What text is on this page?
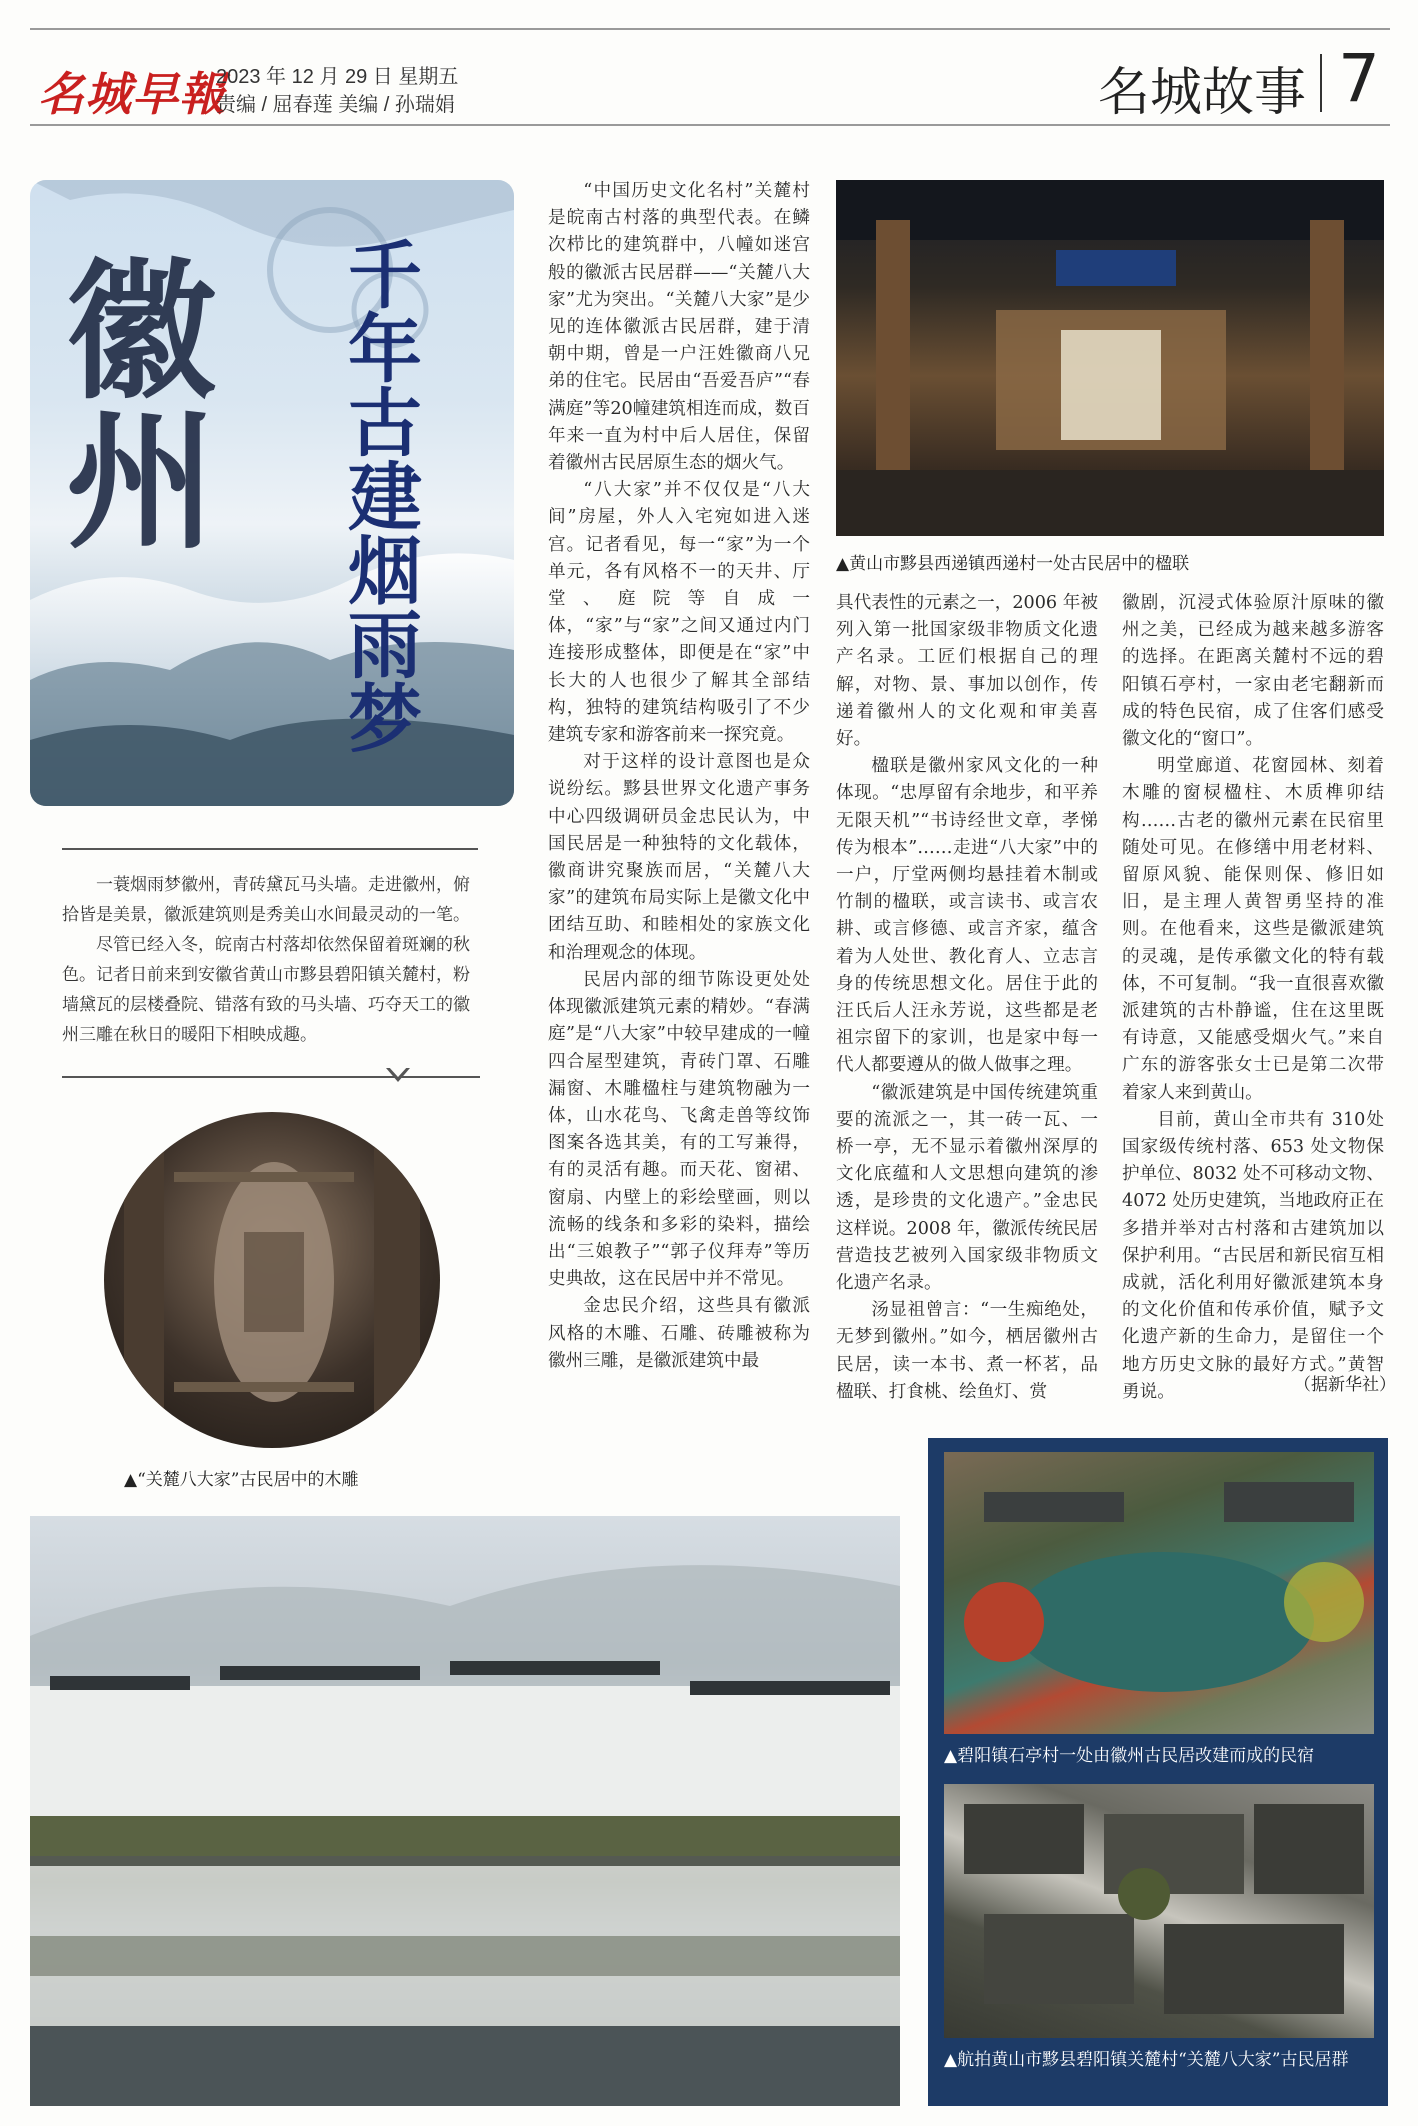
名城早報
2023 年 12 月 29 日 星期五
责编 / 屈春莲 美编 / 孙瑞娟	名城故事 7
徽州 千年古建烟雨梦

一蓑烟雨梦徽州，青砖黛瓦马头墙。走进徽州，俯拾皆是美景，徽派建筑则是秀美山水间最灵动的一笔。

尽管已经入冬，皖南古村落却依然保留着斑斓的秋色。记者日前来到安徽省黄山市黟县碧阳镇关麓村，粉墙黛瓦的层楼叠院、错落有致的马头墙、巧夺天工的徽州三雕在秋日的暖阳下相映成趣。

▲“关麓八大家”古民居中的木雕
▲黄山市黟县西递镇西递村一处古民居中的楹联

“中国历史文化名村”关麓村是皖南古村落的典型代表。在鳞次栉比的建筑群中，八幢如迷宫般的徽派古民居群——“关麓八大家”尤为突出。“关麓八大家”是少见的连体徽派古民居群，建于清朝中期，曾是一户汪姓徽商八兄弟的住宅。民居由“吾爱吾庐”“春满庭”等20幢建筑相连而成，数百年来一直为村中后人居住，保留着徽州古民居原生态的烟火气。

“八大家”并不仅仅是“八大间”房屋，外人入宅宛如进入迷宫。记者看见，每一“家”为一个单元，各有风格不一的天井、厅堂、庭院等自成一体，“家”与“家”之间又通过内门连接形成整体，即便是在“家”中长大的人也很少了解其全部结构，独特的建筑结构吸引了不少建筑专家和游客前来一探究竟。

对于这样的设计意图也是众说纷纭。黟县世界文化遗产事务中心四级调研员金忠民认为，中国民居是一种独特的文化载体，徽商讲究聚族而居，“关麓八大家”的建筑布局实际上是徽文化中团结互助、和睦相处的家族文化和治理观念的体现。

民居内部的细节陈设更处处体现徽派建筑元素的精妙。“春满庭”是“八大家”中较早建成的一幢四合屋型建筑，青砖门罩、石雕漏窗、木雕楹柱与建筑物融为一体，山水花鸟、飞禽走兽等纹饰图案各选其美，有的工写兼得，有的灵活有趣。而天花、窗裙、窗扇、内壁上的彩绘壁画，则以流畅的线条和多彩的染料，描绘出“三娘教子”“郭子仪拜寿”等历史典故，这在民居中并不常见。

金忠民介绍，这些具有徽派风格的木雕、石雕、砖雕被称为徽州三雕，是徽派建筑中最

具代表性的元素之一，2006 年被列入第一批国家级非物质文化遗产名录。工匠们根据自己的理解，对物、景、事加以创作，传递着徽州人的文化观和审美喜好。

楹联是徽州家风文化的一种体现。“忠厚留有余地步，和平养无限天机”“书诗经世文章，孝悌传为根本”……走进“八大家”中的一户，厅堂两侧均悬挂着木制或竹制的楹联，或言读书、或言农耕、或言修德、或言齐家，蕴含着为人处世、教化育人、立志言身的传统思想文化。居住于此的汪氏后人汪永芳说，这些都是老祖宗留下的家训，也是家中每一代人都要遵从的做人做事之理。

“徽派建筑是中国传统建筑重要的流派之一，其一砖一瓦、一桥一亭，无不显示着徽州深厚的文化底蕴和人文思想向建筑的渗透，是珍贵的文化遗产。”金忠民这样说。2008 年，徽派传统民居营造技艺被列入国家级非物质文化遗产名录。

汤显祖曾言：“一生痴绝处，无梦到徽州。”如今，栖居徽州古民居，读一本书、煮一杯茗，品楹联、打食桃、绘鱼灯、赏

徽剧，沉浸式体验原汁原味的徽州之美，已经成为越来越多游客的选择。在距离关麓村不远的碧阳镇石亭村，一家由老宅翻新而成的特色民宿，成了住客们感受徽文化的“窗口”。

明堂廊道、花窗园林、刻着木雕的窗棂楹柱、木质榫卯结构……古老的徽州元素在民宿里随处可见。在修缮中用老材料、留原风貌、能保则保、修旧如旧，是主理人黄智勇坚持的准则。在他看来，这些是徽派建筑的灵魂，是传承徽文化的特有载体，不可复制。“我一直很喜欢徽派建筑的古朴静谧，住在这里既有诗意，又能感受烟火气。”来自广东的游客张女士已是第二次带着家人来到黄山。

目前，黄山全市共有 310处国家级传统村落、653 处文物保护单位、8032 处不可移动文物、4072 处历史建筑，当地政府正在多措并举对古村落和古建筑加以保护利用。“古民居和新民宿互相成就，活化利用好徽派建筑本身的文化价值和传承价值，赋予文化遗产新的生命力，是留住一个地方历史文脉的最好方式。”黄智勇说。	（据新华社）
▲碧阳镇石亭村一处由徽州古民居改建而成的民宿
▲航拍黄山市黟县碧阳镇关麓村“关麓八大家”古民居群
